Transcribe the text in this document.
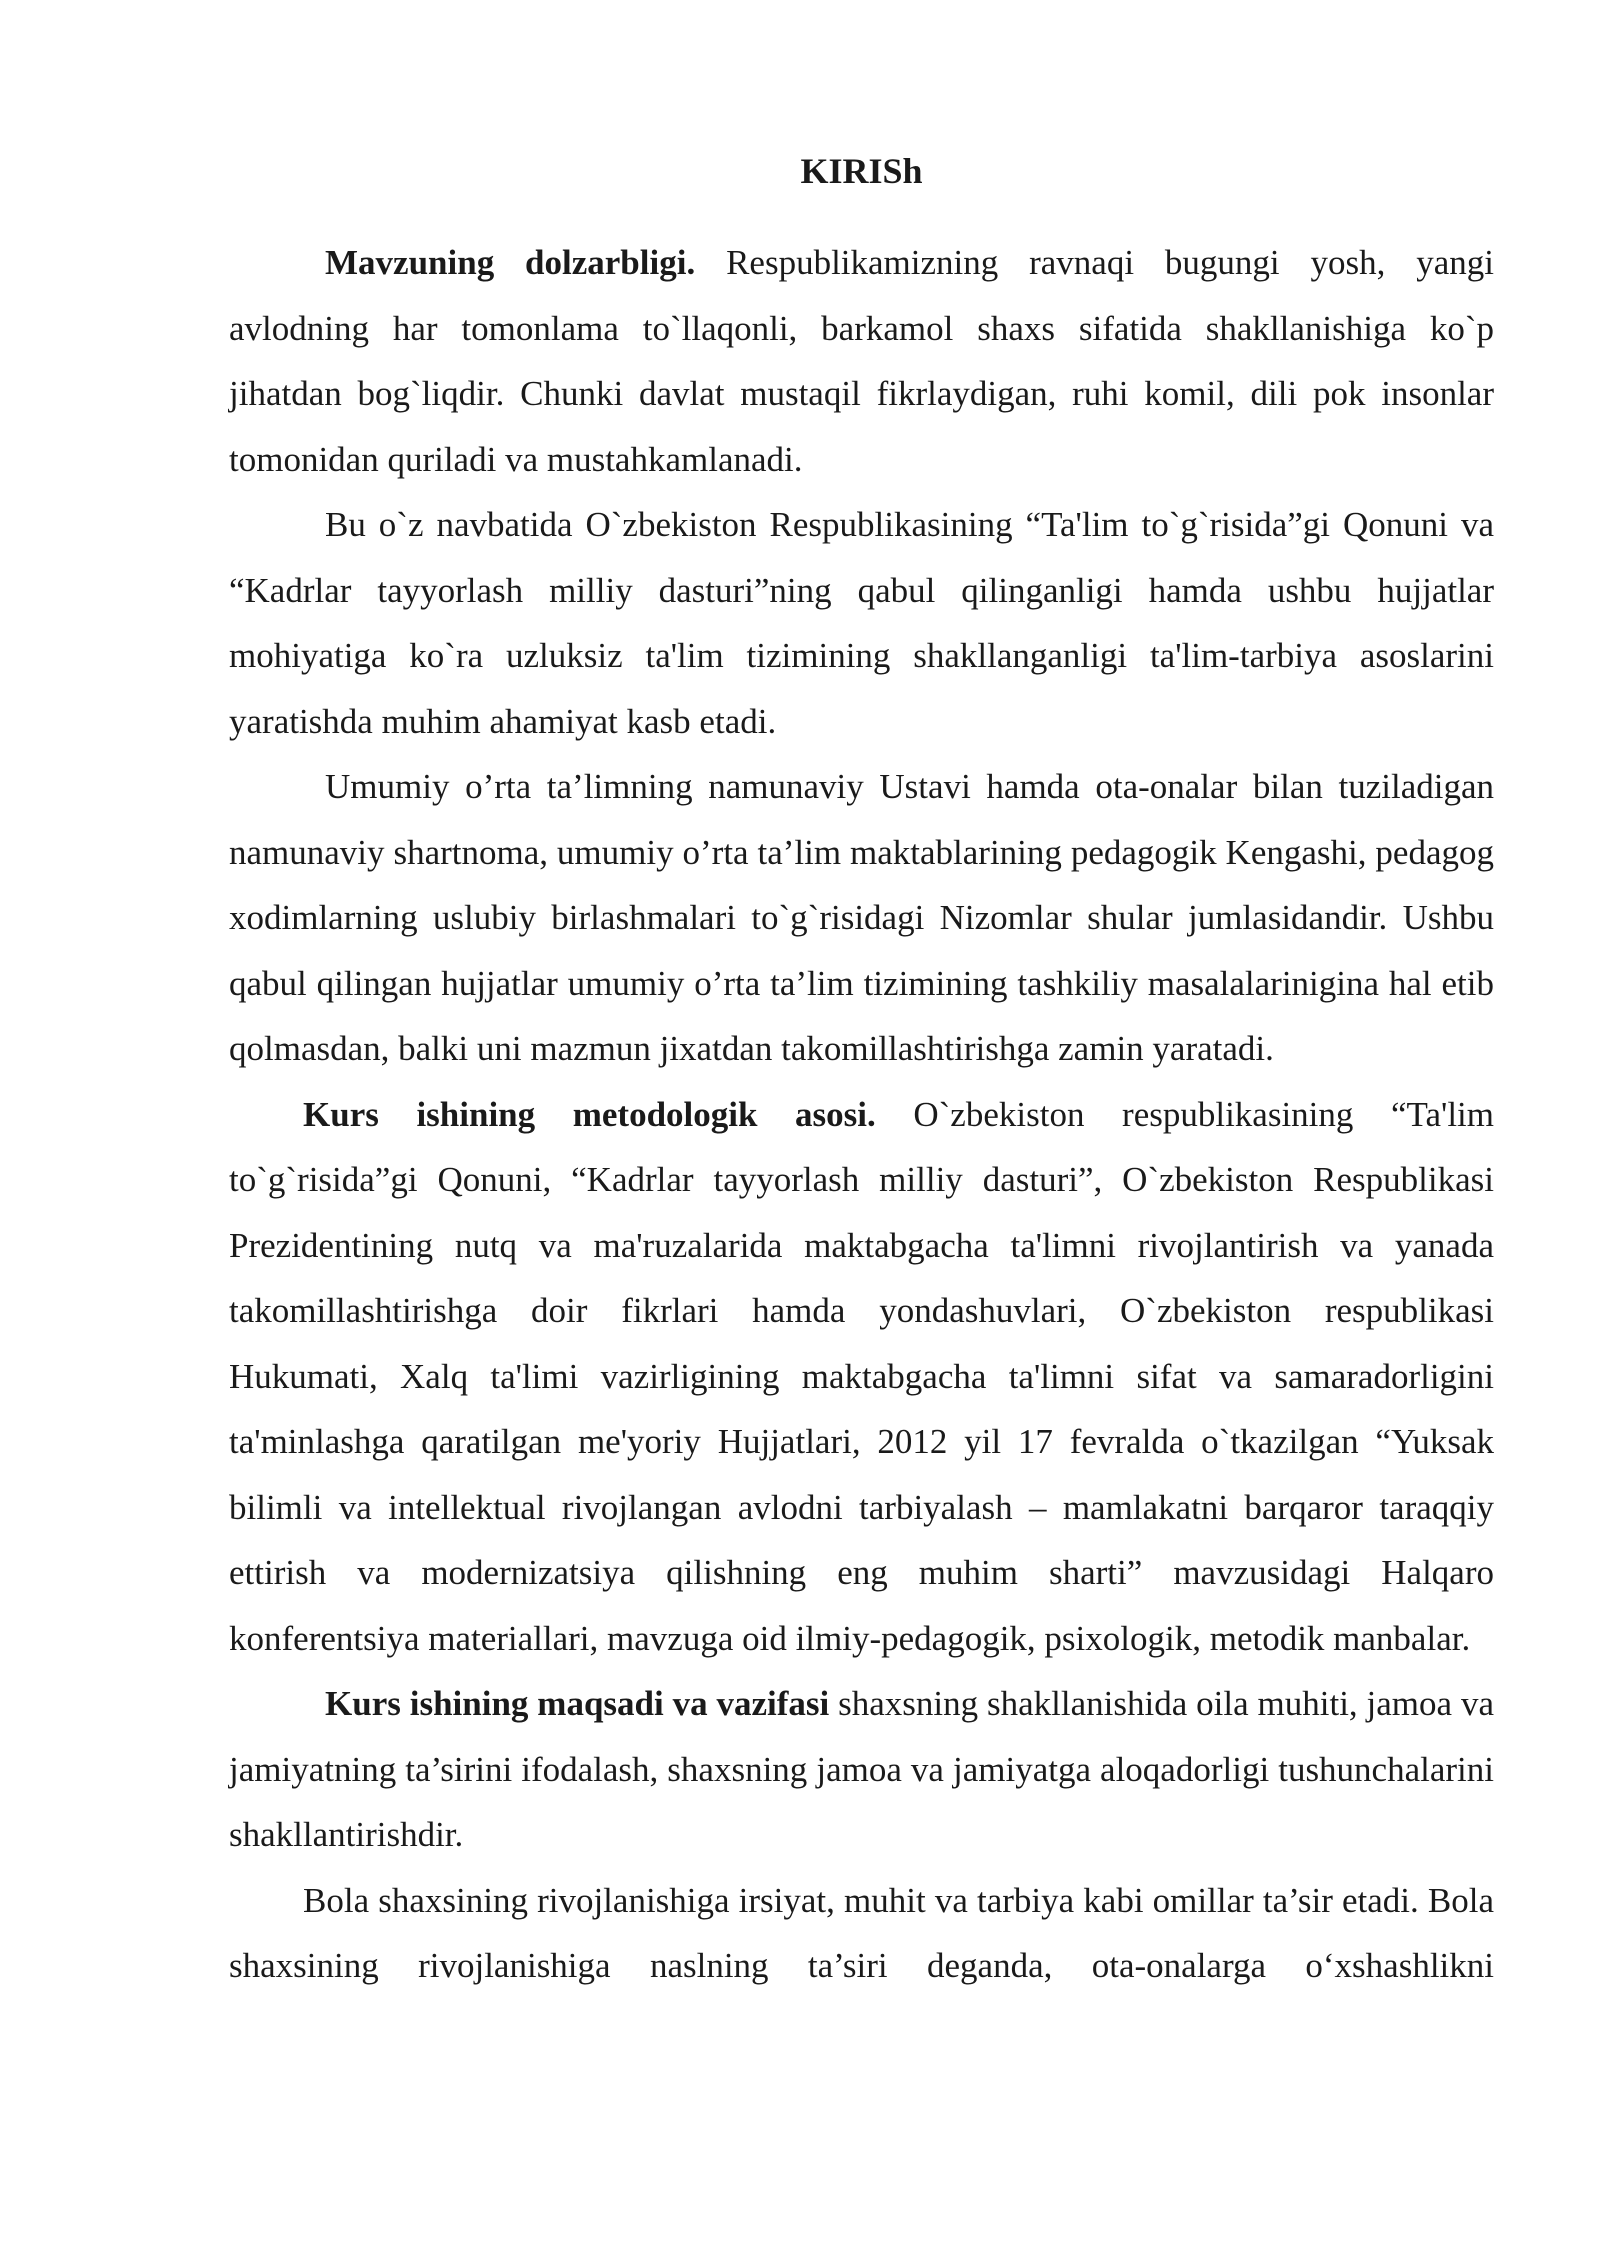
KIRISh

Mavzuning dolzarbligi. Respublikamizning ravnaqi bugungi yosh, yangi avlodning har tomonlama to`llaqonli, barkamol shaxs sifatida shakllanishiga ko`p jihatdan bog`liqdir. Chunki davlat mustaqil fikrlaydigan, ruhi komil, dili pok insonlar tomonidan quriladi va mustahkamlanadi.

Bu o`z navbatida O`zbekiston Respublikasining “Ta'lim to`g`risida”gi Qonuni va “Kadrlar tayyorlash milliy dasturi”ning qabul qilinganligi hamda ushbu hujjatlar mohiyatiga ko`ra uzluksiz ta'lim tizimining shakllanganligi ta'lim-tarbiya asoslarini yaratishda muhim ahamiyat kasb etadi.

Umumiy o’rta ta’limning namunaviy Ustavi hamda ota-onalar bilan tuziladigan namunaviy shartnoma, umumiy o’rta ta’lim maktablarining pedagogik Kengashi, pedagog xodimlarning uslubiy birlashmalari to`g`risidagi Nizomlar shular jumlasidandir. Ushbu qabul qilingan hujjatlar umumiy o’rta ta’lim tizimining tashkiliy masalalarinigina hal etib qolmasdan, balki uni mazmun jixatdan takomillashtirishga zamin yaratadi.

Kurs ishining metodologik asosi. O`zbekiston respublikasining “Ta'lim to`g`risida”gi Qonuni, “Kadrlar tayyorlash milliy dasturi”, O`zbekiston Respublikasi Prezidentining nutq va ma'ruzalarida maktabgacha ta'limni rivojlantirish va yanada takomillashtirishga doir fikrlari hamda yondashuvlari, O`zbekiston respublikasi Hukumati, Xalq ta'limi vazirligining maktabgacha ta'limni sifat va samaradorligini ta'minlashga qaratilgan me'yoriy Hujjatlari, 2012 yil 17 fevralda o`tkazilgan “Yuksak bilimli va intellektual rivojlangan avlodni tarbiyalash – mamlakatni barqaror taraqqiy ettirish va modernizatsiya qilishning eng muhim sharti” mavzusidagi Halqaro konferentsiya materiallari, mavzuga oid ilmiy-pedagogik, psixologik, metodik manbalar.

Kurs ishining maqsadi va vazifasi shaxsning shakllanishida oila muhiti, jamoa va jamiyatning ta’sirini ifodalash, shaxsning jamoa va jamiyatga aloqadorligi tushunchalarini shakllantirishdir.

Bola shaxsining rivojlanishiga irsiyat, muhit va tarbiya kabi omillar ta’sir etadi. Bola shaxsining rivojlanishiga naslning ta’siri deganda, ota-onalarga o‘xshashlikni
